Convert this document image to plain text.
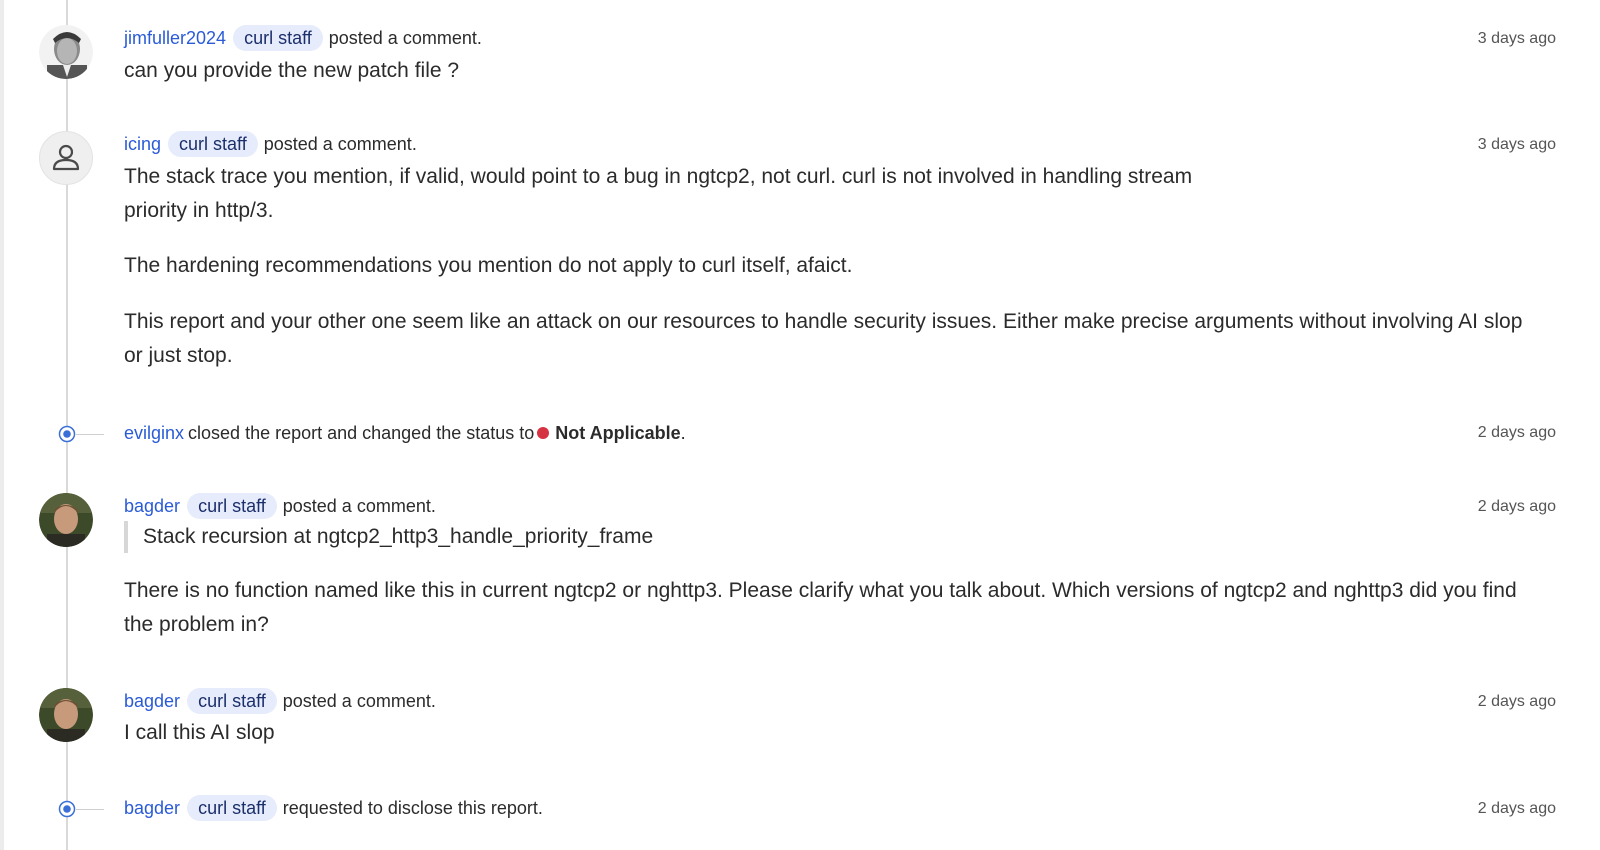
jimfuller2024	curl staff posted a comment.	3 days ago

can you provide the new patch file ?

icing	curl staff posted a comment.	3 days ago

The stack trace you mention, if valid, would point to a bug in ngtcp2, not curl. curl is not involved in handling stream priority in http/3.

The hardening recommendations you mention do not apply to curl itself, afaict.

This report and your other one seem like an attack on our resources to handle security issues. Either make precise arguments without involving AI slop or just stop.

evilginx closed the report and changed the status to Not Applicable .	2 days ago
bagder	curl staff posted a comment.	2 days ago
Stack recursion at ngtcp2_http3_handle_priority_frame

There is no function named like this in current ngtcp2 or nghttp3. Please clarify what you talk about. Which versions of ngtcp2 and nghttp3 did you find the problem in?

bagder	curl staff posted a comment.	2 days ago

I call this AI slop

bagder	curl staff requested to disclose this report.	2 days ago
